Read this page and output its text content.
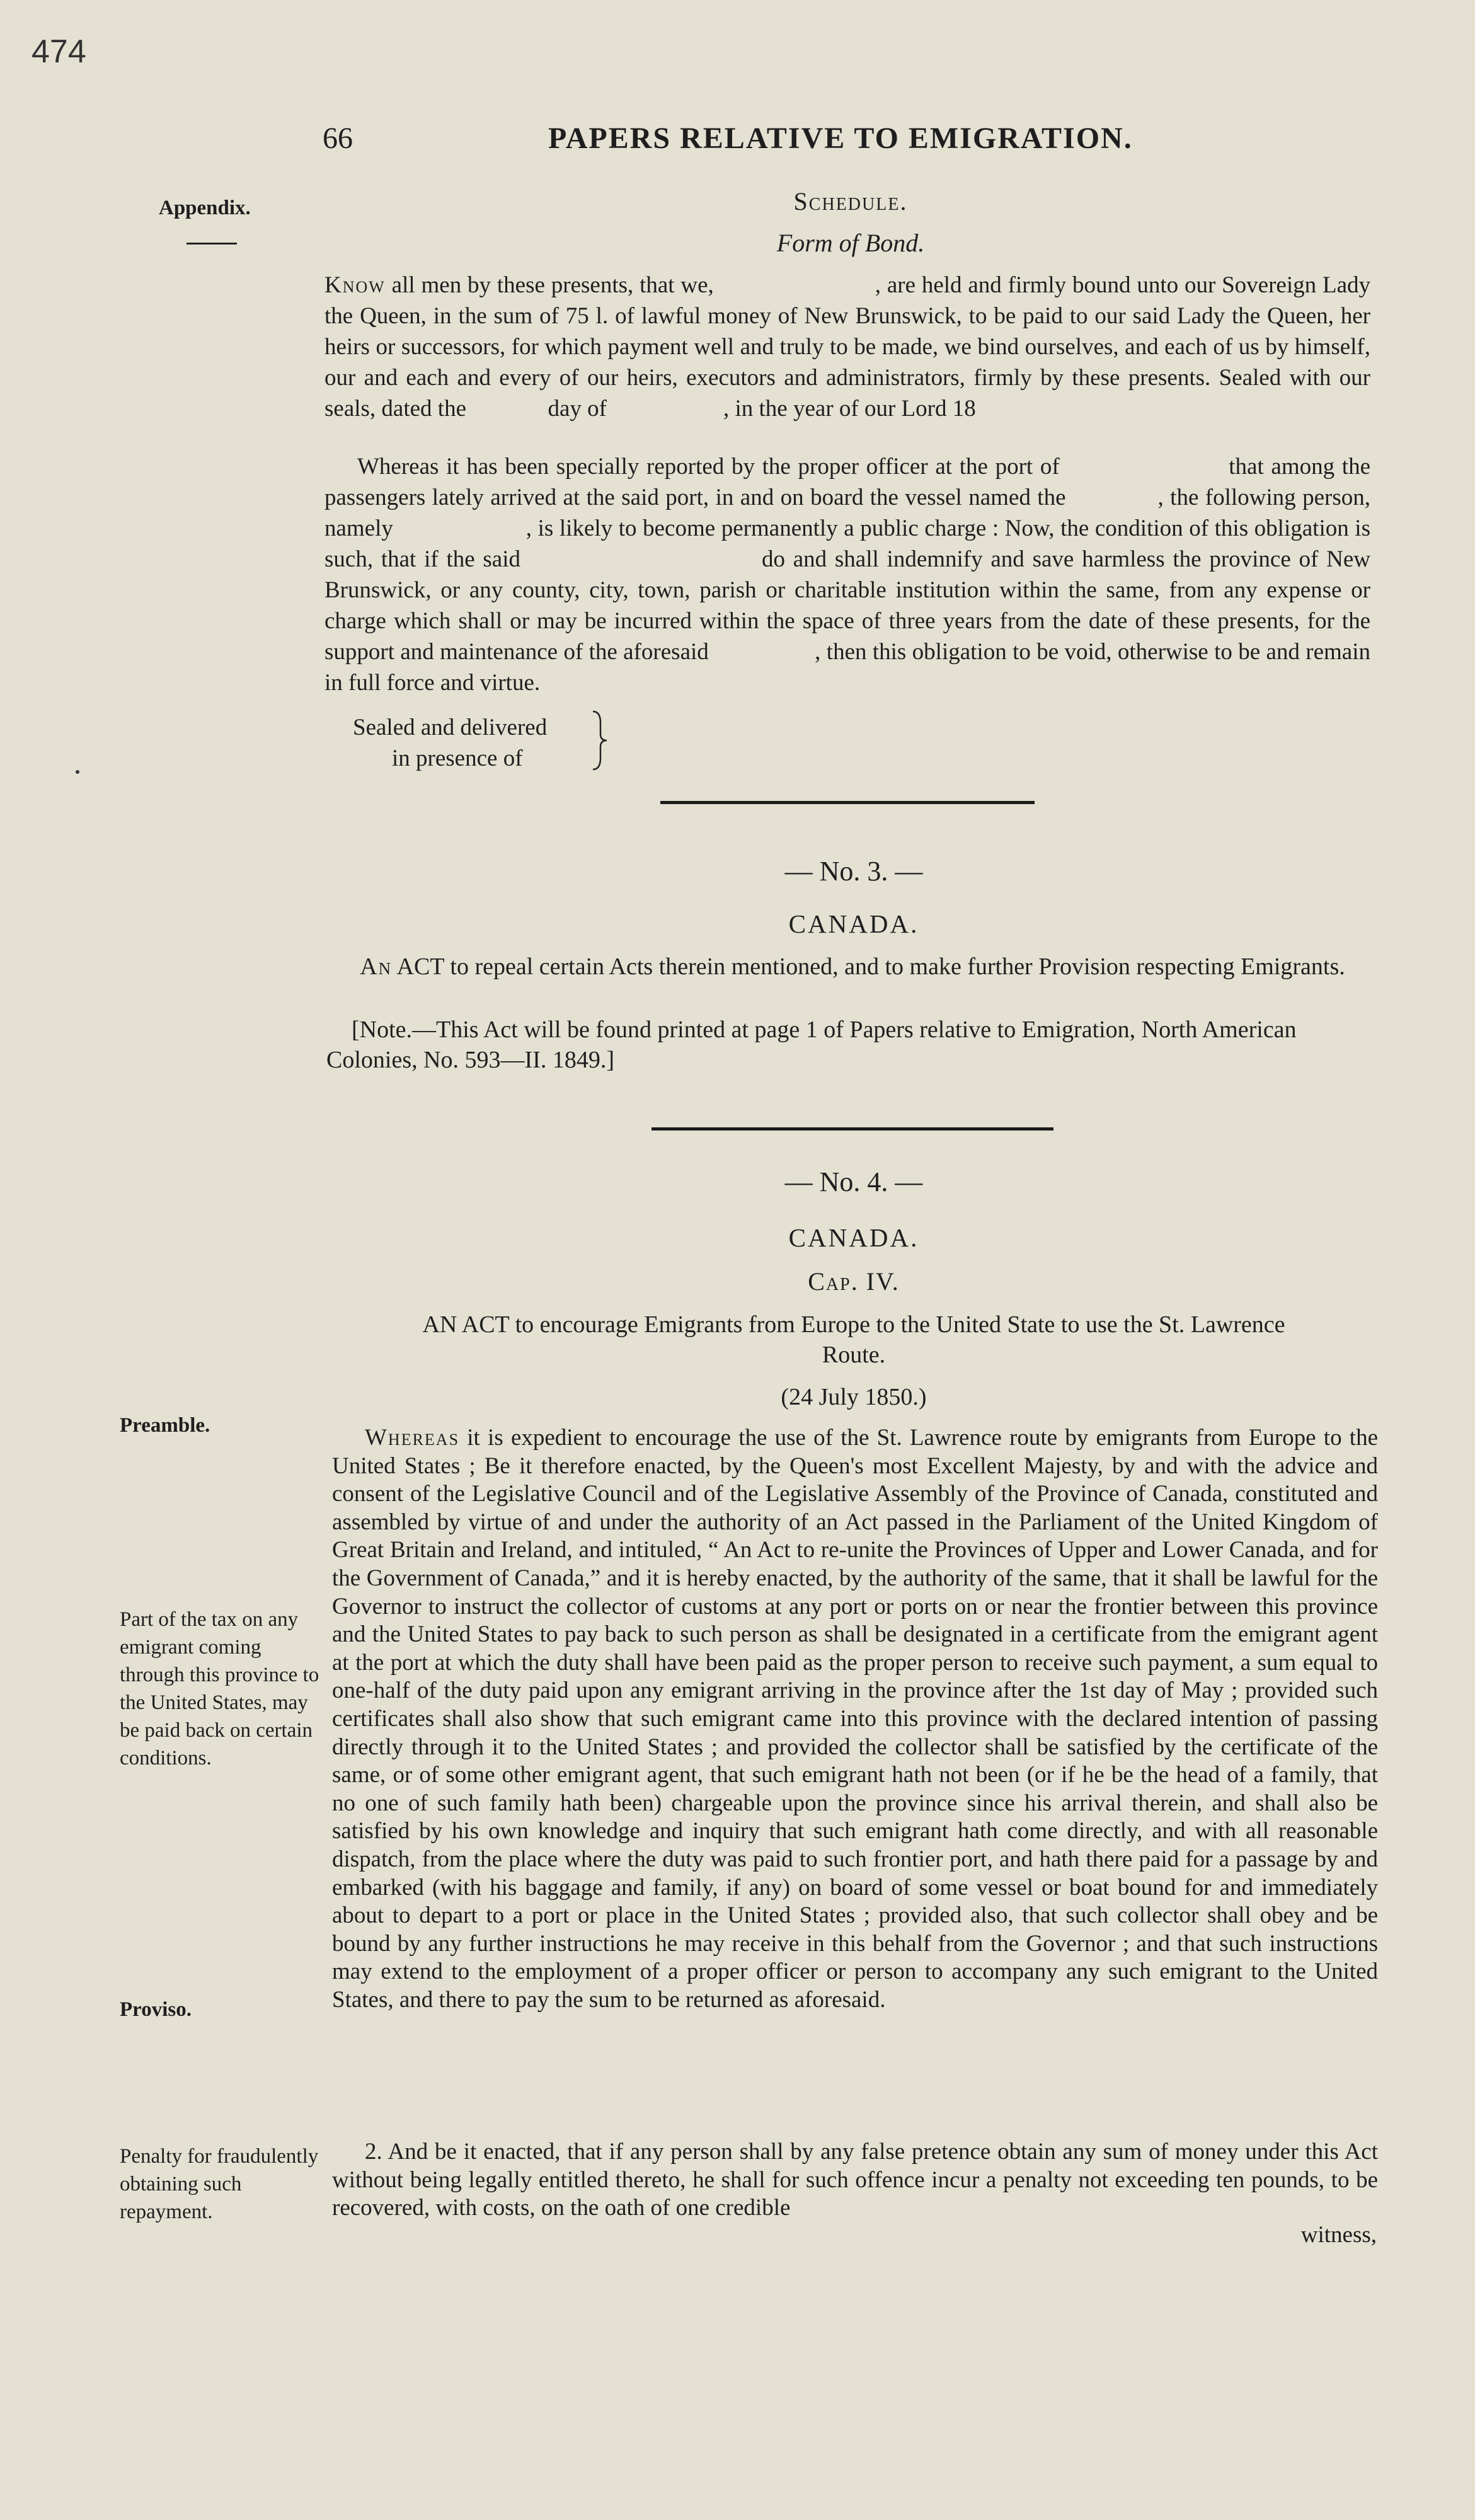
474
66	PAPERS RELATIVE TO EMIGRATION.
Appendix.	Schedule.
Form of Bond.
Know all men by these presents, that we,                          , are held and firmly bound unto our Sovereign Lady the Queen, in the sum of 75 l. of lawful money of New Brunswick, to be paid to our said Lady the Queen, her heirs or successors, for which payment well and truly to be made, we bind ourselves, and each of us by himself, our and each and every of our heirs, executors and administrators, firmly by these presents. Sealed with our seals, dated the              day of                    , in the year of our Lord 18
Whereas it has been specially reported by the proper officer at the port of                       that among the passengers lately arrived at the said port, in and on board the vessel named the              , the following person, namely                      , is likely to become permanently a public charge : Now, the condition of this obligation is such, that if the said                              do and shall indemnify and save harmless the province of New Brunswick, or any county, city, town, parish or charitable institution within the same, from any expense or charge which shall or may be incurred within the space of three years from the date of these presents, for the support and maintenance of the aforesaid                  , then this obligation to be void, otherwise to be and remain in full force and virtue.
Sealed and delivered
in presence of
— No. 3. —
CANADA.
An ACT to repeal certain Acts therein mentioned, and to make further Provision respecting Emigrants.
[Note.—This Act will be found printed at page 1 of Papers relative to Emigration, North American Colonies, No. 593—II. 1849.]
— No. 4. —
CANADA.
Cap. IV.
AN ACT to encourage Emigrants from Europe to the United State to use the St. Lawrence Route.
(24 July 1850.)
Preamble.
Part of the tax on any emigrant coming through this province to the United States, may be paid back on certain conditions.
Proviso.
Penalty for fraudulently obtaining such repayment.
Whereas it is expedient to encourage the use of the St. Lawrence route by emigrants from Europe to the United States ; Be it therefore enacted, by the Queen's most Excellent Majesty, by and with the advice and consent of the Legislative Council and of the Legislative Assembly of the Province of Canada, constituted and assembled by virtue of and under the authority of an Act passed in the Parliament of the United Kingdom of Great Britain and Ireland, and intituled, “ An Act to re-unite the Provinces of Upper and Lower Canada, and for the Government of Canada,” and it is hereby enacted, by the authority of the same, that it shall be lawful for the Governor to instruct the collector of customs at any port or ports on or near the frontier between this province and the United States to pay back to such person as shall be designated in a certificate from the emigrant agent at the port at which the duty shall have been paid as the proper person to receive such payment, a sum equal to one-half of the duty paid upon any emigrant arriving in the province after the 1st day of May ; provided such certificates shall also show that such emigrant came into this province with the declared intention of passing directly through it to the United States ; and provided the collector shall be satisfied by the certificate of the same, or of some other emigrant agent, that such emigrant hath not been (or if he be the head of a family, that no one of such family hath been) chargeable upon the province since his arrival therein, and shall also be satisfied by his own knowledge and inquiry that such emigrant hath come directly, and with all reasonable dispatch, from the place where the duty was paid to such frontier port, and hath there paid for a passage by and embarked (with his baggage and family, if any) on board of some vessel or boat bound for and immediately about to depart to a port or place in the United States ; provided also, that such collector shall obey and be bound by any further instructions he may receive in this behalf from the Governor ; and that such instructions may extend to the employment of a proper officer or person to accompany any such emigrant to the United States, and there to pay the sum to be returned as aforesaid.
2. And be it enacted, that if any person shall by any false pretence obtain any sum of money under this Act without being legally entitled thereto, he shall for such offence incur a penalty not exceeding ten pounds, to be recovered, with costs, on the oath of one credible
witness,
